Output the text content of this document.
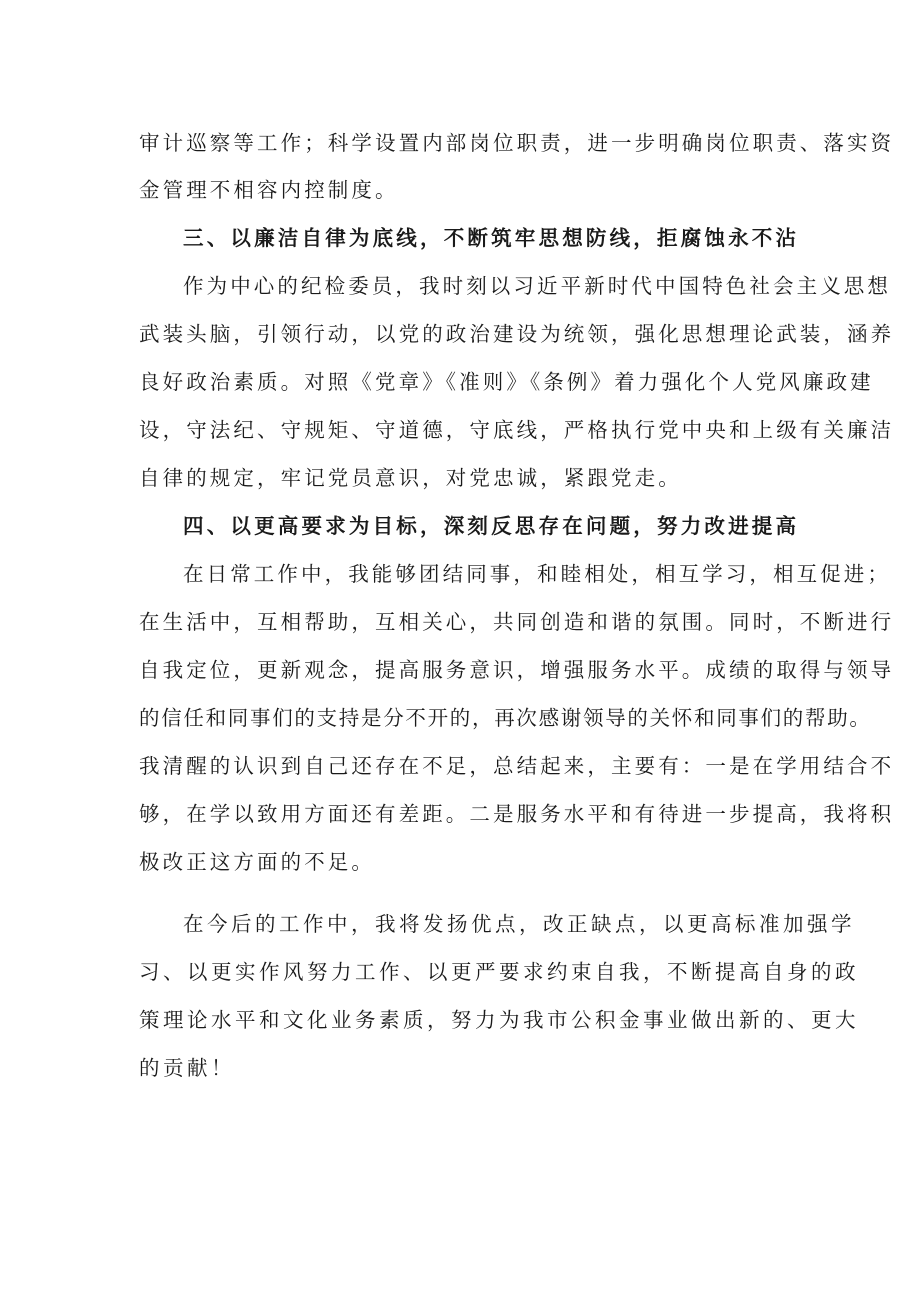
审计巡察等工作；科学设置内部岗位职责，进一步明确岗位职责、落实资
金管理不相容内控制度。
三、以廉洁自律为底线，不断筑牢思想防线，拒腐蚀永不沾
作为中心的纪检委员，我时刻以习近平新时代中国特色社会主义思想
武装头脑，引领行动，以党的政治建设为统领，强化思想理论武装，涵养
良好政治素质。对照《党章》《准则》《条例》着力强化个人党风廉政建
设，守法纪、守规矩、守道德，守底线，严格执行党中央和上级有关廉洁
自律的规定，牢记党员意识，对党忠诚，紧跟党走。
四、以更高要求为目标，深刻反思存在问题，努力改进提高
在日常工作中，我能够团结同事，和睦相处，相互学习，相互促进；
在生活中，互相帮助，互相关心，共同创造和谐的氛围。同时，不断进行
自我定位，更新观念，提高服务意识，增强服务水平。成绩的取得与领导
的信任和同事们的支持是分不开的，再次感谢领导的关怀和同事们的帮助。
我清醒的认识到自己还存在不足，总结起来，主要有：一是在学用结合不
够，在学以致用方面还有差距。二是服务水平和有待进一步提高，我将积
极改正这方面的不足。
在今后的工作中，我将发扬优点，改正缺点，以更高标准加强学
习、以更实作风努力工作、以更严要求约束自我，不断提高自身的政
策理论水平和文化业务素质，努力为我市公积金事业做出新的、更大
的贡献！
